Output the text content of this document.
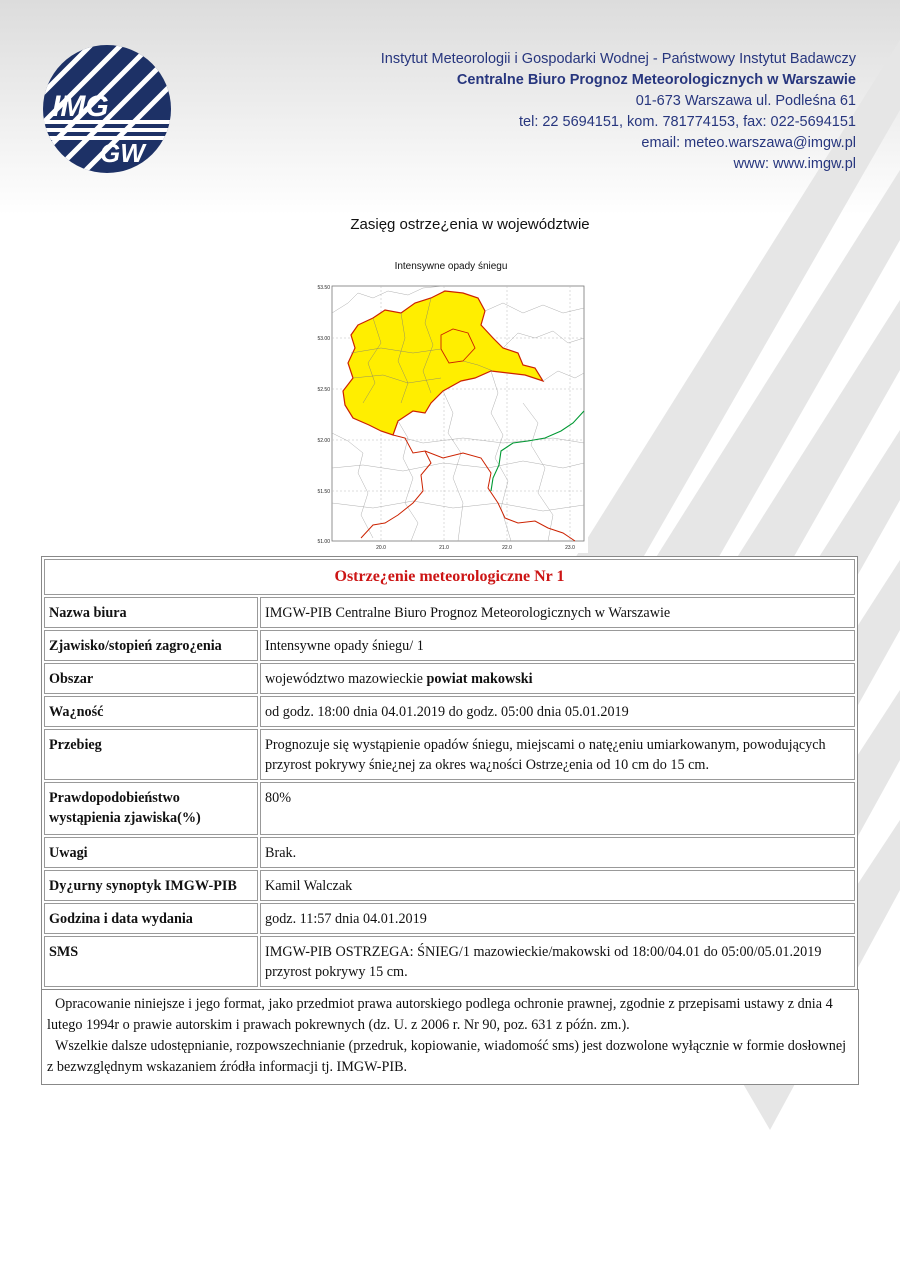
IMG
GW
Instytut Meteorologii i Gospodarki Wodnej - Państwowy Instytut Badawczy
Centralne Biuro Prognoz Meteorologicznych w Warszawie
01-673 Warszawa ul. Podleśna 61
tel: 22 5694151, kom. 781774153, fax: 022-5694151
email: meteo.warszawa@imgw.pl
www: www.imgw.pl
Zasięg ostrze¿enia w województwie
Intensywne opady śniegu
53.50
53.00
52.50
52.00
51.50
51.00
20.0	21.0	22.0	23.0
Ostrze¿enie meteorologiczne Nr 1	
Nazwa biura	IMGW-PIB Centralne Biuro Prognoz Meteorologicznych w Warszawie
Zjawisko/stopień zagro¿enia	Intensywne opady śniegu/ 1
Obszar	województwo mazowieckie powiat makowski
Wa¿ność	od godz. 18:00 dnia 04.01.2019 do godz. 05:00 dnia 05.01.2019
Przebieg	Prognozuje się wystąpienie opadów śniegu, miejscami o natę¿eniu umiarkowanym, powodujących przyrost pokrywy śnie¿nej za okres wa¿ności Ostrze¿enia od 10 cm do 15 cm.
Prawdopodobieństwo wystąpienia zjawiska(%)	80%
Uwagi	Brak.
Dy¿urny synoptyk IMGW-PIB	Kamil Walczak
Godzina i data wydania	godz. 11:57 dnia 04.01.2019
SMS	IMGW-PIB OSTRZEGA: ŚNIEG/1 mazowieckie/makowski od 18:00/04.01 do 05:00/05.01.2019 przyrost pokrywy 15 cm.

Opracowanie niniejsze i jego format, jako przedmiot prawa autorskiego podlega ochronie prawnej, zgodnie z przepisami ustawy z dnia 4 lutego 1994r o prawie autorskim i prawach pokrewnych (dz. U. z 2006 r. Nr 90, poz. 631 z późn. zm.).

Wszelkie dalsze udostępnianie, rozpowszechnianie (przedruk, kopiowanie, wiadomość sms) jest dozwolone wyłącznie w formie dosłownej z bezwzględnym wskazaniem źródła informacji tj. IMGW-PIB.
